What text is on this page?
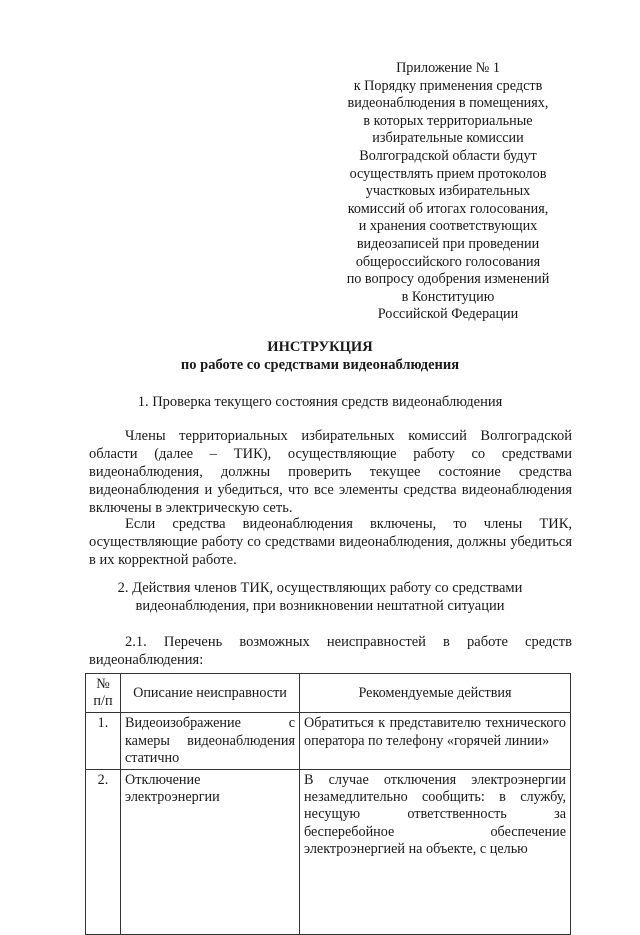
Приложение № 1
к Порядку применения средств
видеонаблюдения в помещениях,
в которых территориальные
избирательные комиссии
Волгоградской области будут
осуществлять прием протоколов
участковых избирательных
комиссий об итогах голосования,
и хранения соответствующих
видеозаписей при проведении
общероссийского голосования
по вопросу одобрения изменений
в Конституцию
Российской Федерации
ИНСТРУКЦИЯ
по работе со средствами видеонаблюдения
1. Проверка текущего состояния средств видеонаблюдения
Члены территориальных избирательных комиссий Волгоградской области (далее – ТИК), осуществляющие работу со средствами видеонаблюдения, должны проверить текущее состояние средства видеонаблюдения и убедиться, что все элементы средства видеонаблюдения включены в электрическую сеть.
Если средства видеонаблюдения включены, то члены ТИК, осуществляющие работу со средствами видеонаблюдения, должны убедиться в их корректной работе.
2. Действия членов ТИК, осуществляющих работу со средствами видеонаблюдения, при возникновении нештатной ситуации
2.1. Перечень возможных неисправностей в работе средств видеонаблюдения:
№ п/п	Описание неисправности	Рекомендуемые действия
1.	Видеоизображение с камеры видеонаблюдения статично	Обратиться к представителю технического оператора по телефону «горячей линии»
2.	Отключение электроэнергии	В случае отключения электроэнергии незамедлительно сообщить: в службу, несущую ответственность за бесперебойное обеспечение электроэнергией на объекте, с целью
